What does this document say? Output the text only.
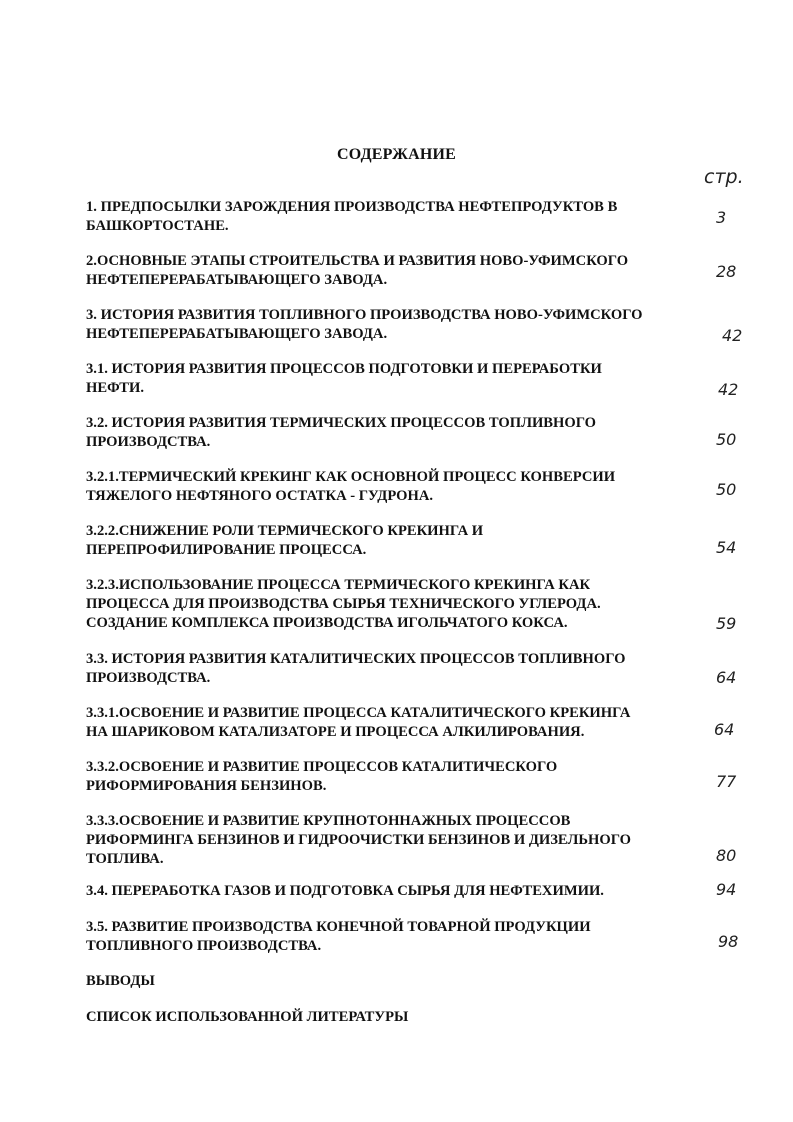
СОДЕРЖАНИЕ
стр.
1. ПРЕДПОСЫЛКИ ЗАРОЖДЕНИЯ ПРОИЗВОДСТВА НЕФТЕПРОДУКТОВ В
БАШКОРТОСТАНЕ.	3
2.ОСНОВНЫЕ ЭТАПЫ СТРОИТЕЛЬСТВА И РАЗВИТИЯ НОВО-УФИМСКОГО
НЕФТЕПЕРЕРАБАТЫВАЮЩЕГО ЗАВОДА.	28
3. ИСТОРИЯ РАЗВИТИЯ ТОПЛИВНОГО ПРОИЗВОДСТВА НОВО-УФИМСКОГО
НЕФТЕПЕРЕРАБАТЫВАЮЩЕГО ЗАВОДА.	42
3.1. ИСТОРИЯ РАЗВИТИЯ ПРОЦЕССОВ ПОДГОТОВКИ И ПЕРЕРАБОТКИ
НЕФТИ.	42
3.2. ИСТОРИЯ РАЗВИТИЯ ТЕРМИЧЕСКИХ ПРОЦЕССОВ ТОПЛИВНОГО
ПРОИЗВОДСТВА.	50
3.2.1.ТЕРМИЧЕСКИЙ КРЕКИНГ КАК ОСНОВНОЙ ПРОЦЕСС КОНВЕРСИИ
ТЯЖЕЛОГО НЕФТЯНОГО ОСТАТКА - ГУДРОНА.	50
3.2.2.СНИЖЕНИЕ РОЛИ ТЕРМИЧЕСКОГО КРЕКИНГА И
ПЕРЕПРОФИЛИРОВАНИЕ ПРОЦЕССА.	54
3.2.3.ИСПОЛЬЗОВАНИЕ ПРОЦЕССА ТЕРМИЧЕСКОГО КРЕКИНГА КАК
ПРОЦЕССА ДЛЯ ПРОИЗВОДСТВА СЫРЬЯ ТЕХНИЧЕСКОГО УГЛЕРОДА.
СОЗДАНИЕ КОМПЛЕКСА ПРОИЗВОДСТВА ИГОЛЬЧАТОГО КОКСА.	59
3.3. ИСТОРИЯ РАЗВИТИЯ КАТАЛИТИЧЕСКИХ ПРОЦЕССОВ ТОПЛИВНОГО
ПРОИЗВОДСТВА.	64
3.3.1.ОСВОЕНИЕ И РАЗВИТИЕ ПРОЦЕССА КАТАЛИТИЧЕСКОГО КРЕКИНГА
НА ШАРИКОВОМ КАТАЛИЗАТОРЕ И ПРОЦЕССА АЛКИЛИРОВАНИЯ.	64
3.3.2.ОСВОЕНИЕ И РАЗВИТИЕ ПРОЦЕССОВ КАТАЛИТИЧЕСКОГО
РИФОРМИРОВАНИЯ БЕНЗИНОВ.	77
3.3.3.ОСВОЕНИЕ И РАЗВИТИЕ КРУПНОТОННАЖНЫХ ПРОЦЕССОВ
РИФОРМИНГА БЕНЗИНОВ И ГИДРООЧИСТКИ БЕНЗИНОВ И ДИЗЕЛЬНОГО
ТОПЛИВА.	80
3.4. ПЕРЕРАБОТКА ГАЗОВ И ПОДГОТОВКА СЫРЬЯ ДЛЯ НЕФТЕХИМИИ.	94
3.5. РАЗВИТИЕ ПРОИЗВОДСТВА КОНЕЧНОЙ ТОВАРНОЙ ПРОДУКЦИИ
ТОПЛИВНОГО ПРОИЗВОДСТВА.	98
ВЫВОДЫ
СПИСОК ИСПОЛЬЗОВАННОЙ ЛИТЕРАТУРЫ
